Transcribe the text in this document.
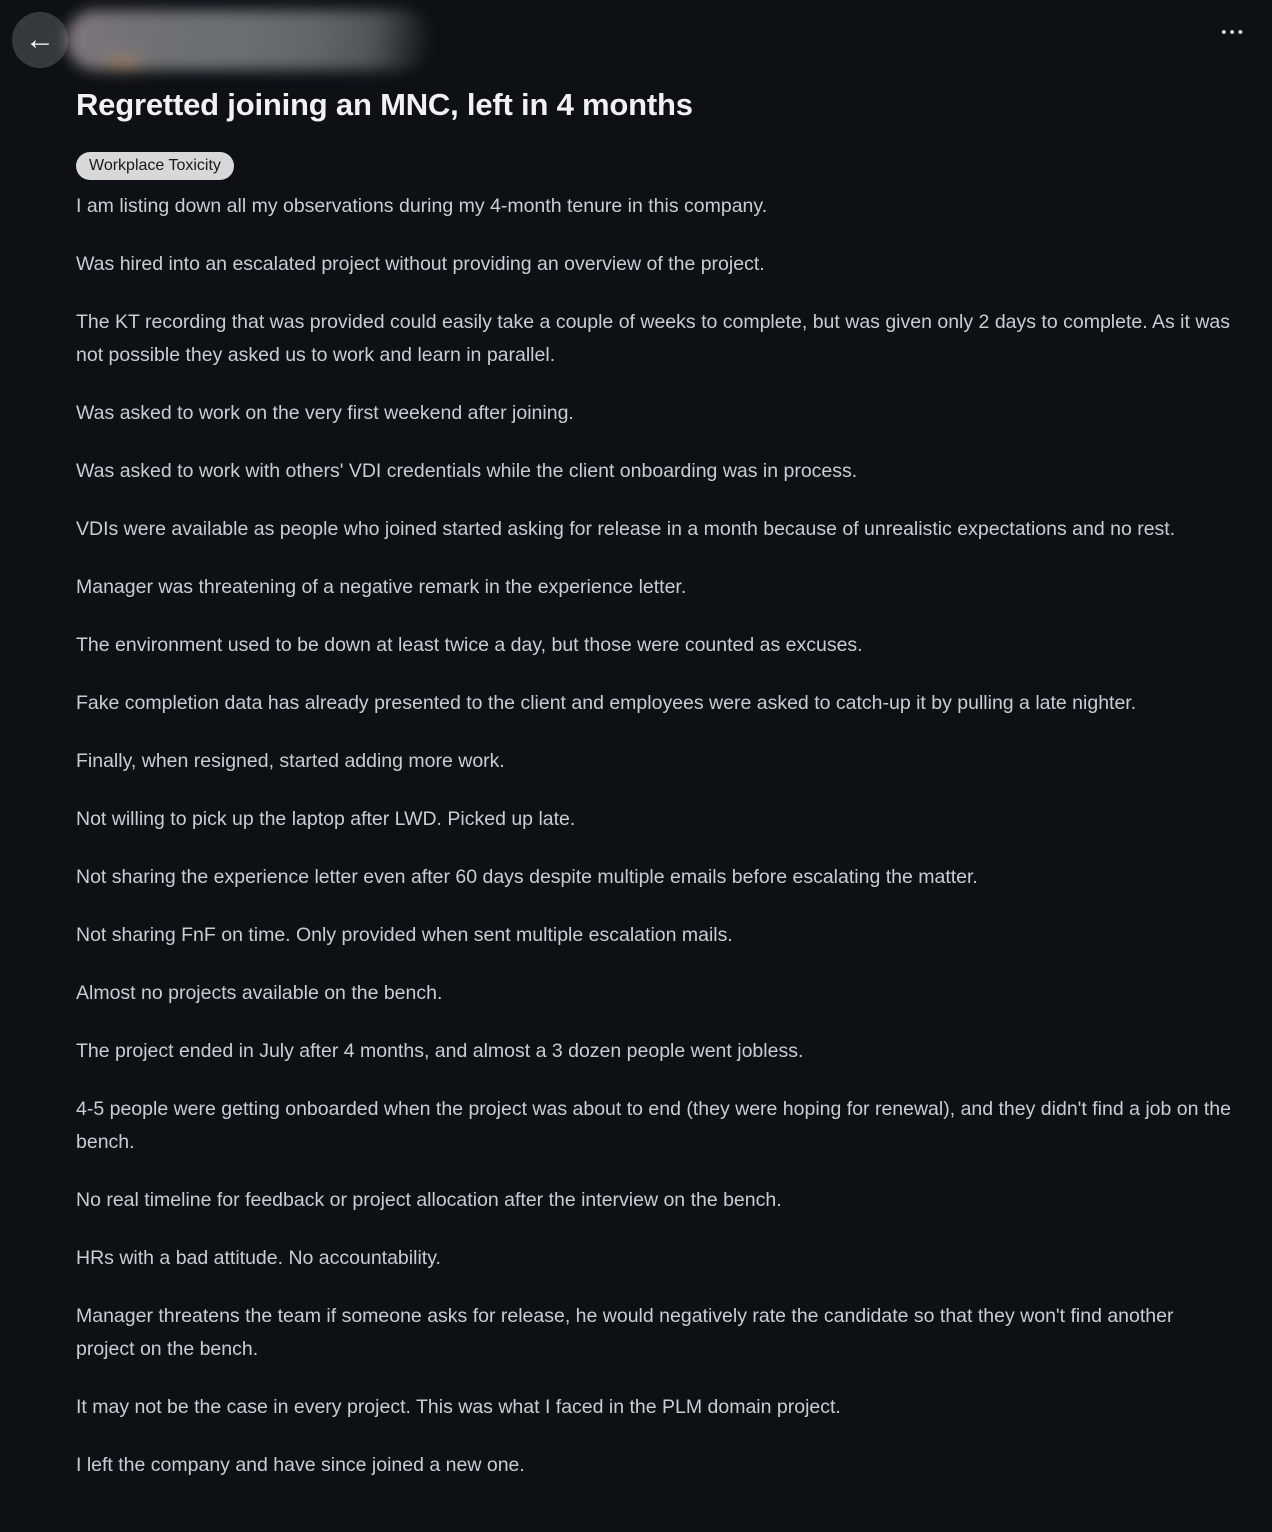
←	•••
Regretted joining an MNC, left in 4 months
Workplace Toxicity

I am listing down all my observations during my 4-month tenure in this company.

Was hired into an escalated project without providing an overview of the project.

The KT recording that was provided could easily take a couple of weeks to complete, but was given only 2 days to complete. As it was not possible they asked us to work and learn in parallel.

Was asked to work on the very first weekend after joining.

Was asked to work with others' VDI credentials while the client onboarding was in process.

VDIs were available as people who joined started asking for release in a month because of unrealistic expectations and no rest.

Manager was threatening of a negative remark in the experience letter.

The environment used to be down at least twice a day, but those were counted as excuses.

Fake completion data has already presented to the client and employees were asked to catch-up it by pulling a late nighter.

Finally, when resigned, started adding more work.

Not willing to pick up the laptop after LWD. Picked up late.

Not sharing the experience letter even after 60 days despite multiple emails before escalating the matter.

Not sharing FnF on time. Only provided when sent multiple escalation mails.

Almost no projects available on the bench.

The project ended in July after 4 months, and almost a 3 dozen people went jobless.

4-5 people were getting onboarded when the project was about to end (they were hoping for renewal), and they didn't find a job on the bench.

No real timeline for feedback or project allocation after the interview on the bench.

HRs with a bad attitude. No accountability.

Manager threatens the team if someone asks for release, he would negatively rate the candidate so that they won't find another project on the bench.

It may not be the case in every project. This was what I faced in the PLM domain project.

I left the company and have since joined a new one.
